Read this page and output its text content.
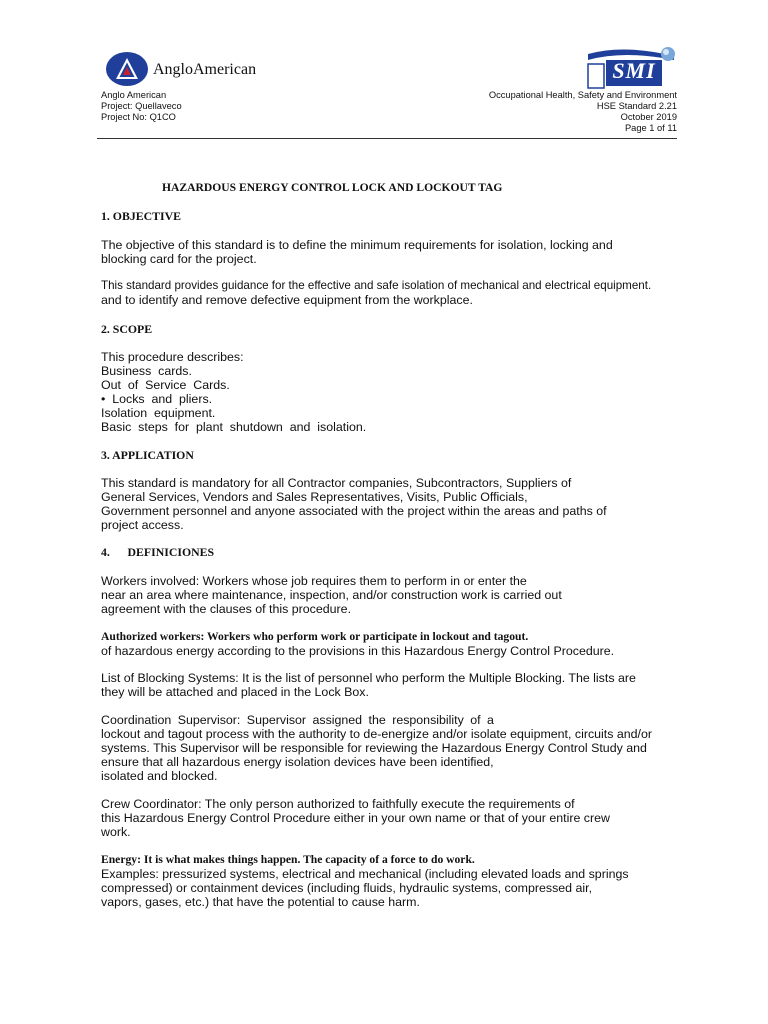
AngloAmerican
Anglo American
Project: Quellaveco
Project No: Q1CO
SMI
Occupational Health, Safety and Environment
HSE Standard 2.21
October 2019
Page 1 of 11
HAZARDOUS ENERGY CONTROL LOCK AND LOCKOUT TAG
1. OBJECTIVE
The objective of this standard is to define the minimum requirements for isolation, locking and
blocking card for the project.
This standard provides guidance for the effective and safe isolation of mechanical and electrical equipment.
and to identify and remove defective equipment from the workplace.
2. SCOPE
This procedure describes:
Business  cards.
Out  of  Service  Cards.
•  Locks  and  pliers.
Isolation  equipment.
Basic  steps  for  plant  shutdown  and  isolation.
3. APPLICATION
This standard is mandatory for all Contractor companies, Subcontractors, Suppliers of
General Services, Vendors and Sales Representatives, Visits, Public Officials,
Government personnel and anyone associated with the project within the areas and paths of
project access.
4.      DEFINICIONES
Workers involved: Workers whose job requires them to perform in or enter the
near an area where maintenance, inspection, and/or construction work is carried out
agreement with the clauses of this procedure.
Authorized workers: Workers who perform work or participate in lockout and tagout.
of hazardous energy according to the provisions in this Hazardous Energy Control Procedure.
List of Blocking Systems: It is the list of personnel who perform the Multiple Blocking. The lists are
they will be attached and placed in the Lock Box.
Coordination Supervisor: Supervisor assigned the responsibility of a
lockout and tagout process with the authority to de-energize and/or isolate equipment, circuits and/or
systems. This Supervisor will be responsible for reviewing the Hazardous Energy Control Study and
ensure that all hazardous energy isolation devices have been identified,
isolated and blocked.
Crew Coordinator: The only person authorized to faithfully execute the requirements of
this Hazardous Energy Control Procedure either in your own name or that of your entire crew
work.
Energy: It is what makes things happen. The capacity of a force to do work.
Examples: pressurized systems, electrical and mechanical (including elevated loads and springs
compressed) or containment devices (including fluids, hydraulic systems, compressed air,
vapors, gases, etc.) that have the potential to cause harm.
